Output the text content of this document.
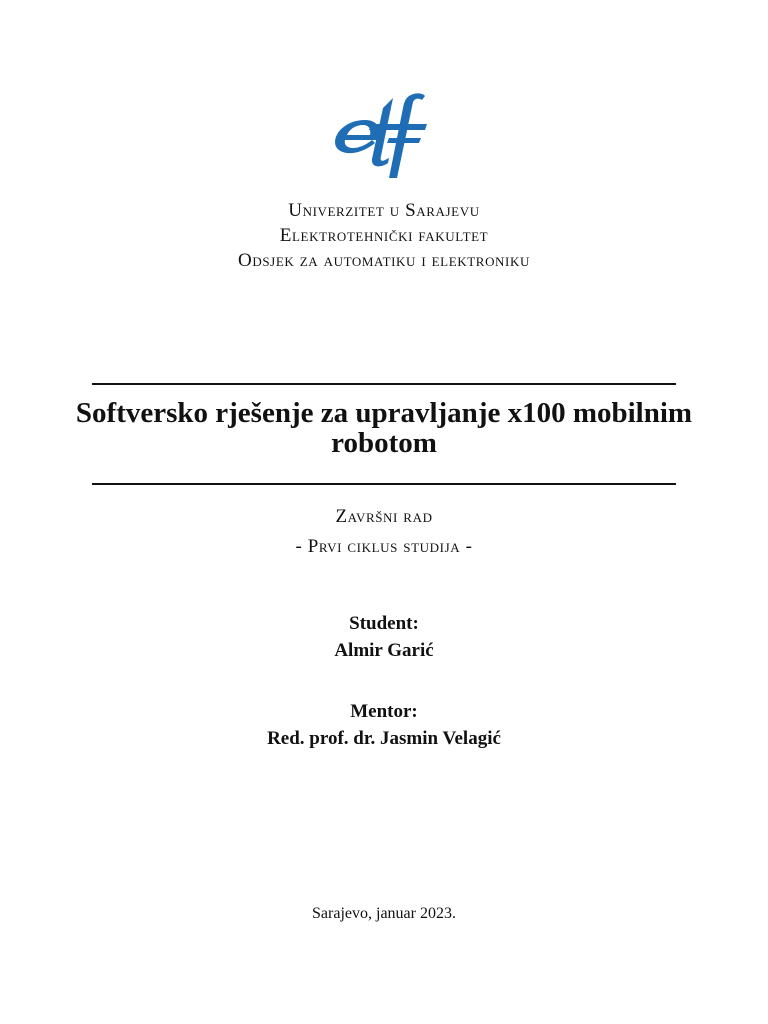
Univerzitet u Sarajevu
Elektrotehnički fakultet
Odsjek za automatiku i elektroniku
Softversko rješenje za upravljanje x100 mobilnim robotom
Završni rad
- Prvi ciklus studija -
Student:
Almir Garić
Mentor:
Red. prof. dr. Jasmin Velagić
Sarajevo, januar 2023.
